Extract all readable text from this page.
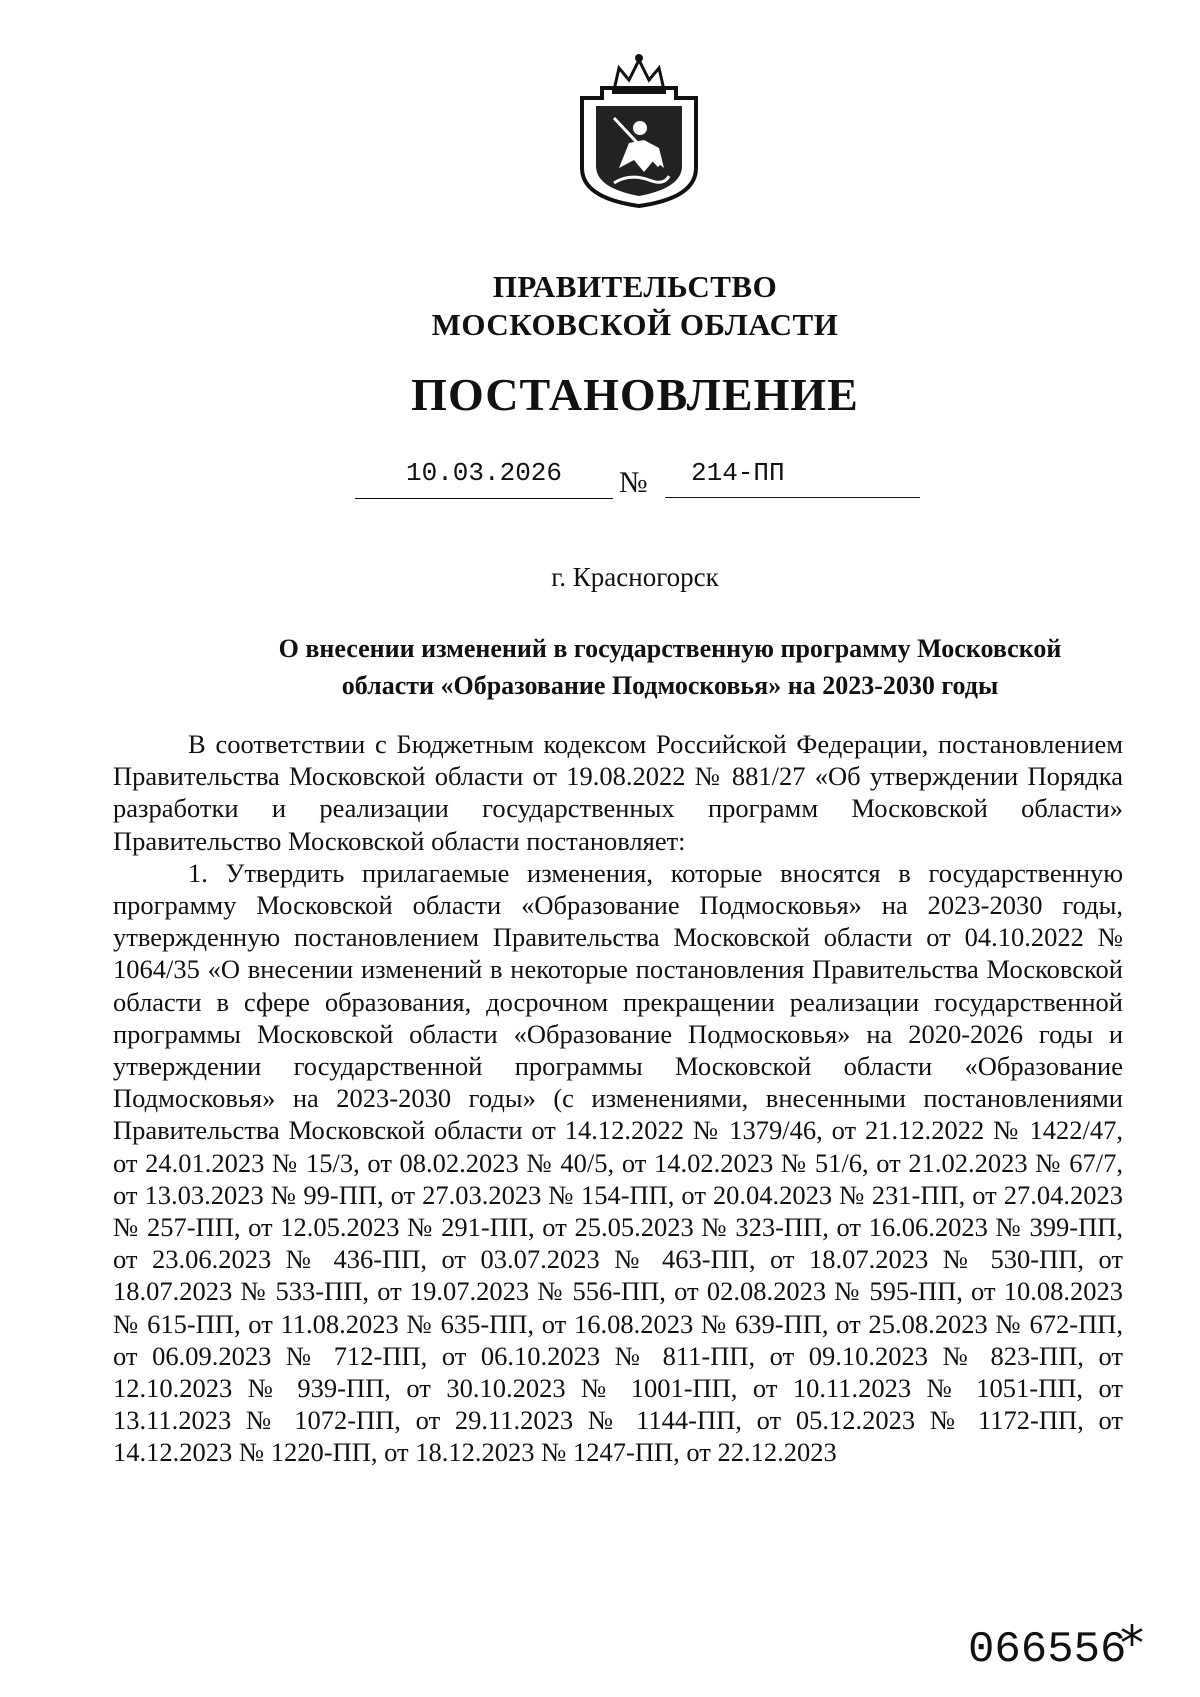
ПРАВИТЕЛЬСТВО
МОСКОВСКОЙ ОБЛАСТИ
ПОСТАНОВЛЕНИЕ
10.03.2026	№	214-ПП
г. Красногорск
О внесении изменений в государственную программу Московской
области «Образование Подмосковья» на 2023-2030 годы

В соответствии с Бюджетным кодексом Российской Федерации, постановлением Правительства Московской области от 19.08.2022 № 881/27 «Об утверждении Порядка разработки и реализации государственных программ Московской области» Правительство Московской области постановляет:

1. Утвердить прилагаемые изменения, которые вносятся в государственную программу Московской области «Образование Подмосковья» на 2023-2030 годы, утвержденную постановлением Правительства Московской области от 04.10.2022 № 1064/35 «О внесении изменений в некоторые постановления Правительства Московской области в сфере образования, досрочном прекращении реализации государственной программы Московской области «Образование Подмосковья» на 2020-2026 годы и утверждении государственной программы Московской области «Образование Подмосковья» на 2023-2030 годы» (с изменениями, внесенными постановлениями Правительства Московской области от 14.12.2022 № 1379/46, от 21.12.2022 № 1422/47, от 24.01.2023 № 15/3, от 08.02.2023 № 40/5, от 14.02.2023 № 51/6, от 21.02.2023 № 67/7, от 13.03.2023 № 99-ПП, от 27.03.2023 № 154-ПП, от 20.04.2023 № 231-ПП, от 27.04.2023 № 257-ПП, от 12.05.2023 № 291-ПП, от 25.05.2023 № 323-ПП, от 16.06.2023 № 399-ПП, от 23.06.2023 № 436-ПП, от 03.07.2023 № 463-ПП, от 18.07.2023 № 530-ПП, от 18.07.2023 № 533-ПП, от 19.07.2023 № 556-ПП, от 02.08.2023 № 595-ПП, от 10.08.2023 № 615-ПП, от 11.08.2023 № 635-ПП, от 16.08.2023 № 639-ПП, от 25.08.2023 № 672-ПП, от 06.09.2023 № 712-ПП, от 06.10.2023 № 811-ПП, от 09.10.2023 № 823-ПП, от 12.10.2023 № 939-ПП, от 30.10.2023 № 1001-ПП, от 10.11.2023 № 1051-ПП, от 13.11.2023 № 1072-ПП, от 29.11.2023 № 1144-ПП, от 05.12.2023 № 1172-ПП, от 14.12.2023 № 1220-ПП, от 18.12.2023 № 1247-ПП, от 22.12.2023

066556
*
